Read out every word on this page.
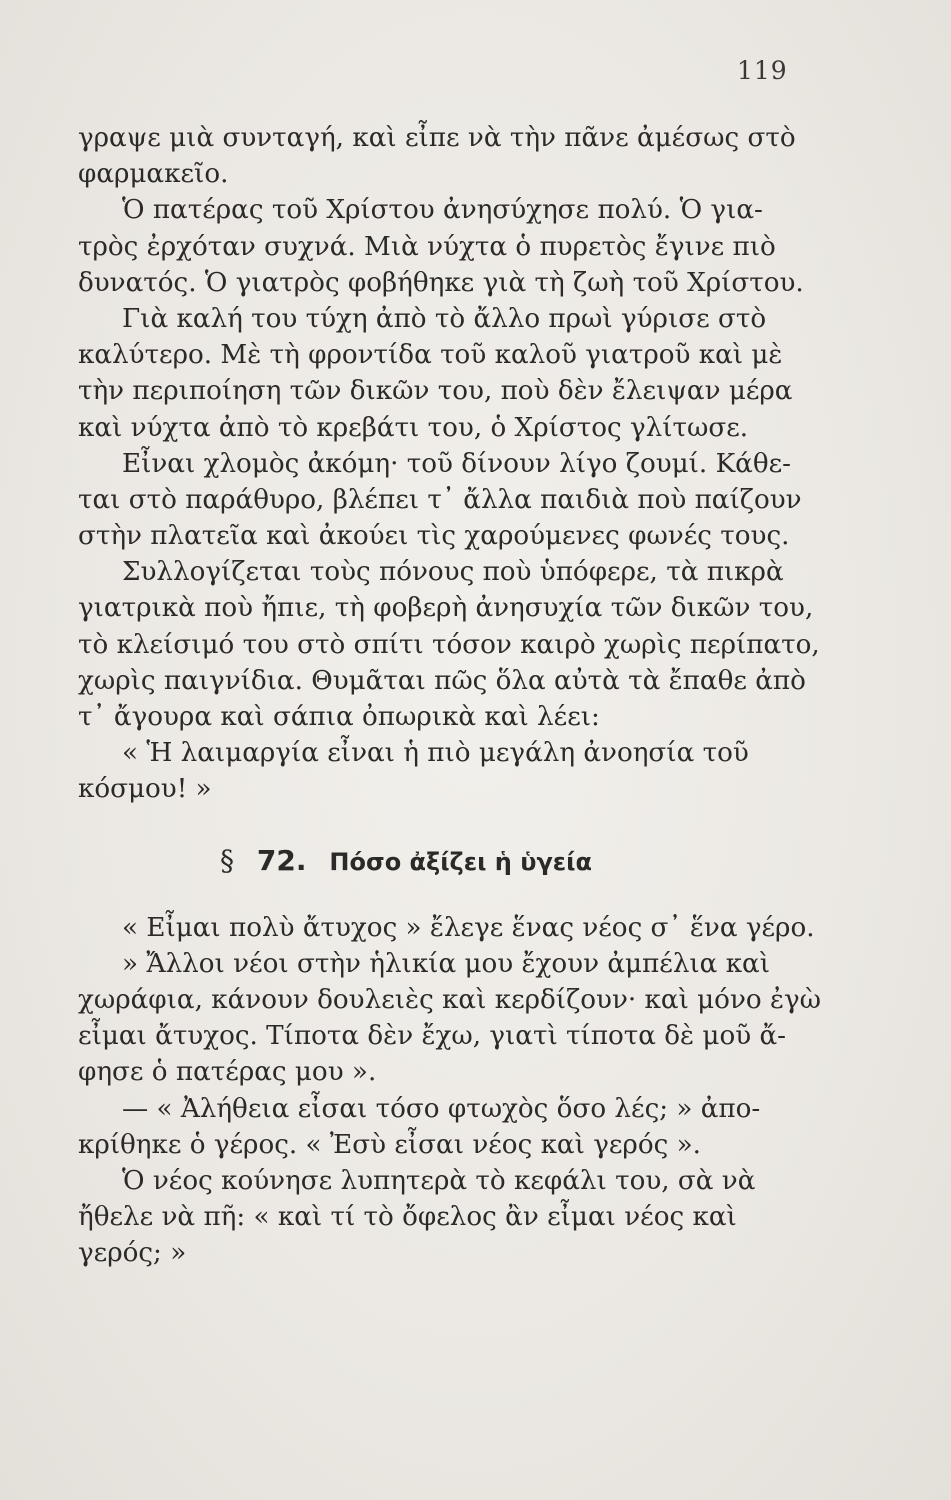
119
γραψε μιὰ συνταγή, καὶ εἶπε νὰ τὴν πᾶνε ἀμέσως στὸ
φαρμακεῖο.
Ὁ πατέρας τοῦ Χρίστου ἀνησύχησε πολύ. Ὁ για-
τρὸς ἐρχόταν συχνά. Μιὰ νύχτα ὁ πυρετὸς ἔγινε πιὸ
δυνατός. Ὁ γιατρὸς φοβήθηκε γιὰ τὴ ζωὴ τοῦ Χρίστου.
Γιὰ καλή του τύχη ἀπὸ τὸ ἄλλο πρωὶ γύρισε στὸ
καλύτερο. Μὲ τὴ φροντίδα τοῦ καλοῦ γιατροῦ καὶ μὲ
τὴν περιποίηση τῶν δικῶν του, ποὺ δὲν ἔλειψαν μέρα
καὶ νύχτα ἀπὸ τὸ κρεβάτι του, ὁ Χρίστος γλίτωσε.
Εἶναι χλομὸς ἀκόμη· τοῦ δίνουν λίγο ζουμί. Κάθε-
ται στὸ παράθυρο, βλέπει τ᾽ ἄλλα παιδιὰ ποὺ παίζουν
στὴν πλατεῖα καὶ ἀκούει τὶς χαρούμενες φωνές τους.
Συλλογίζεται τοὺς πόνους ποὺ ὑπόφερε, τὰ πικρὰ
γιατρικὰ ποὺ ἤπιε, τὴ φοβερὴ ἀνησυχία τῶν δικῶν του,
τὸ κλείσιμό του στὸ σπίτι τόσον καιρὸ χωρὶς περίπατο,
χωρὶς παιγνίδια. Θυμᾶται πῶς ὅλα αὐτὰ τὰ ἔπαθε ἀπὸ
τ᾽ ἄγουρα καὶ σάπια ὀπωρικὰ καὶ λέει:
« Ἡ λαιμαργία εἶναι ἡ πιὸ μεγάλη ἀνοησία τοῦ
κόσμου! »
§ 72. Πόσο ἀξίζει ἡ ὑγεία
« Εἶμαι πολὺ ἄτυχος » ἔλεγε ἕνας νέος σ᾽ ἕνα γέρο.
» Ἄλλοι νέοι στὴν ἡλικία μου ἔχουν ἀμπέλια καὶ
χωράφια, κάνουν δουλειὲς καὶ κερδίζουν· καὶ μόνο ἐγὼ
εἶμαι ἄτυχος. Τίποτα δὲν ἔχω, γιατὶ τίποτα δὲ μοῦ ἄ-
φησε ὁ πατέρας μου ».
— « Ἀλήθεια εἶσαι τόσο φτωχὸς ὅσο λές; » ἀπο-
κρίθηκε ὁ γέρος. « Ἐσὺ εἶσαι νέος καὶ γερός ».
Ὁ νέος κούνησε λυπητερὰ τὸ κεφάλι του, σὰ νὰ
ἤθελε νὰ πῆ: « καὶ τί τὸ ὄφελος ἂν εἶμαι νέος καὶ
γερός; »
